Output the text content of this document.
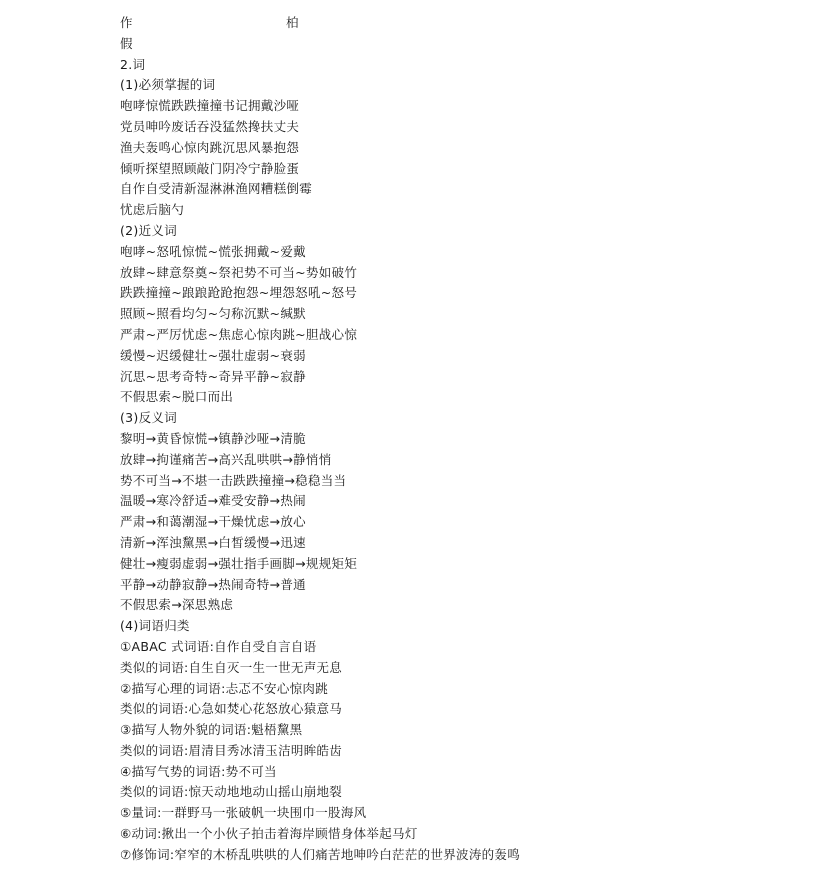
作	柏
假
2.词
(1)必须掌握的词
咆哮惊慌跌跌撞撞书记拥戴沙哑
党员呻吟废话吞没猛然搀扶丈夫
渔夫轰鸣心惊肉跳沉思风暴抱怨
倾听探望照顾敲门阴冷宁静脸蛋
自作自受清新湿淋淋渔网糟糕倒霉
忧虑后脑勺
(2)近义词
咆哮~怒吼惊慌~慌张拥戴~爱戴
放肆~肆意祭奠~祭祀势不可当~势如破竹
跌跌撞撞~踉踉跄跄抱怨~埋怨怒吼~怒号
照顾~照看均匀~匀称沉默~缄默
严肃~严厉忧虑~焦虑心惊肉跳~胆战心惊
缓慢~迟缓健壮~强壮虚弱~衰弱
沉思~思考奇特~奇异平静~寂静
不假思索~脱口而出
(3)反义词
黎明→黄昏惊慌→镇静沙哑→清脆
放肆→拘谨痛苦→高兴乱哄哄→静悄悄
势不可当→不堪一击跌跌撞撞→稳稳当当
温暖→寒冷舒适→难受安静→热闹
严肃→和蔼潮湿→干燥忧虑→放心
清新→浑浊黧黑→白皙缓慢→迅速
健壮→瘦弱虚弱→强壮指手画脚→规规矩矩
平静→动静寂静→热闹奇特→普通
不假思索→深思熟虑
(4)词语归类
①ABAC 式词语:自作自受自言自语
类似的词语:自生自灭一生一世无声无息
②描写心理的词语:忐忑不安心惊肉跳
类似的词语:心急如焚心花怒放心猿意马
③描写人物外貌的词语:魁梧黧黑
类似的词语:眉清目秀冰清玉洁明眸皓齿
④描写气势的词语:势不可当
类似的词语:惊天动地地动山摇山崩地裂
⑤量词:一群野马一张破帆一块围巾一股海风
⑥动词:揪出一个小伙子拍击着海岸顾惜身体举起马灯
⑦修饰词:窄窄的木桥乱哄哄的人们痛苦地呻吟白茫茫的世界波涛的轰鸣
